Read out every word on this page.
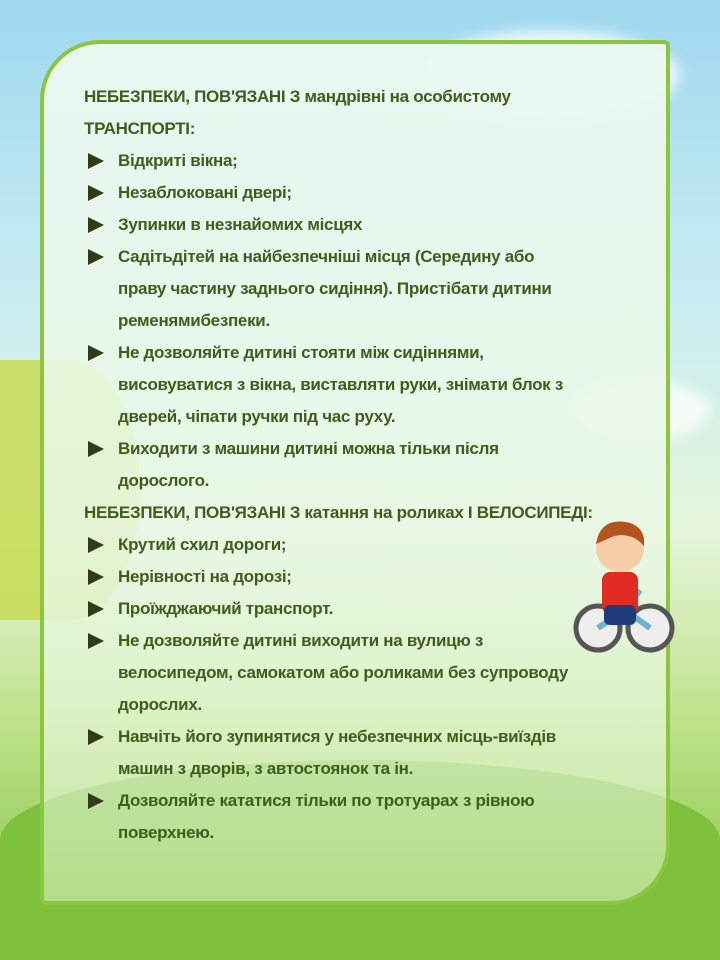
НЕБЕЗПЕКИ, ПОВ'ЯЗАНІ З мандрівні на особистому
ТРАНСПОРТІ:
Відкриті вікна;
Незаблоковані двері;
Зупинки в незнайомих місцях
Садітьдітей на найбезпечніші місця (Середину або
праву частину заднього сидіння). Пристібати дитини
ременямибезпеки.
Не дозволяйте дитині стояти між сидіннями,
висовуватися з вікна, виставляти руки, знімати блок з
дверей, чіпати ручки під час руху.
Виходити з машини дитині можна тільки після
дорослого.
НЕБЕЗПЕКИ, ПОВ'ЯЗАНІ З катання на роликах І ВЕЛОСИПЕДІ:
Крутий схил дороги;
Нерівності на дорозі;
Проїжджаючий транспорт.
Не дозволяйте дитині виходити на вулицю з
велосипедом, самокатом або роликами без супроводу
дорослих.
Навчіть його зупинятися у небезпечних місць-виїздів
машин з дворів, з автостоянок та ін.
Дозволяйте кататися тільки по тротуарах з рівною
поверхнею.
